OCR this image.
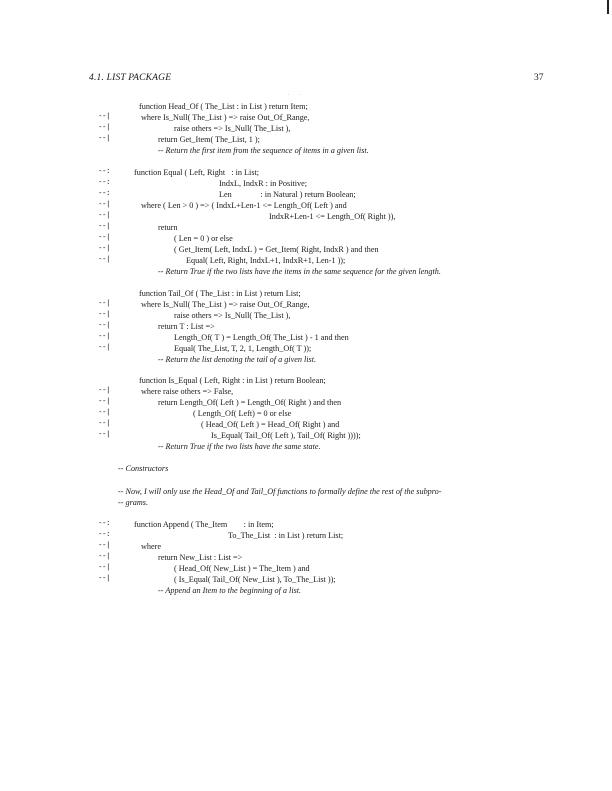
4.1. LIST PACKAGE	37
..
function Head_Of ( The_List : in List ) return Item;
--|	where Is_Null( The_List ) => raise Out_Of_Range,
--|	raise others => Is_Null( The_List ),
--|	return Get_Item( The_List, 1 );
-- Return the first item from the sequence of items in a given list.
--:	function Equal ( Left, Right   : in List;
--:	IndxL, IndxR : in Positive;
--:	Len              : in Natural ) return Boolean;
--|	where ( Len > 0 ) => ( IndxL+Len-1 <= Length_Of( Left ) and
--|	IndxR+Len-1 <= Length_Of( Right )),
--|	return
--|	( Len = 0 ) or else
--|	( Get_Item( Left, IndxL ) = Get_Item( Right, IndxR ) and then
--|	Equal( Left, Right, IndxL+1, IndxR+1, Len-1 ));
-- Return True if the two lists have the items in the same sequence for the given length.
function Tail_Of ( The_List : in List ) return List;
--|	where Is_Null( The_List ) => raise Out_Of_Range,
--|	raise others => Is_Null( The_List ),
--|	return T : List =>
--|	Length_Of( T ) = Length_Of( The_List ) - 1 and then
--|	Equal( The_List, T, 2, 1, Length_Of( T ));
-- Return the list denoting the tail of a given list.
function Is_Equal ( Left, Right : in List ) return Boolean;
--|	where raise others => False,
--|	return Length_Of( Left ) = Length_Of( Right ) and then
--|	( Length_Of( Left) = 0 or else
--|	( Head_Of( Left ) = Head_Of( Right ) and
--|	Is_Equal( Tail_Of( Left ), Tail_Of( Right ))));
-- Return True if the two lists have the same state.
-- Constructors
-- Now, I will only use the Head_Of and Tail_Of functions to formally define the rest of the subpro-
-- grams.
--:	function Append ( The_Item        : in Item;
--:	To_The_List  : in List ) return List;
--|	where
--|	return New_List : List =>
--|	( Head_Of( New_List ) = The_Item ) and
--|	( Is_Equal( Tail_Of( New_List ), To_The_List ));
-- Append an Item to the beginning of a list.
